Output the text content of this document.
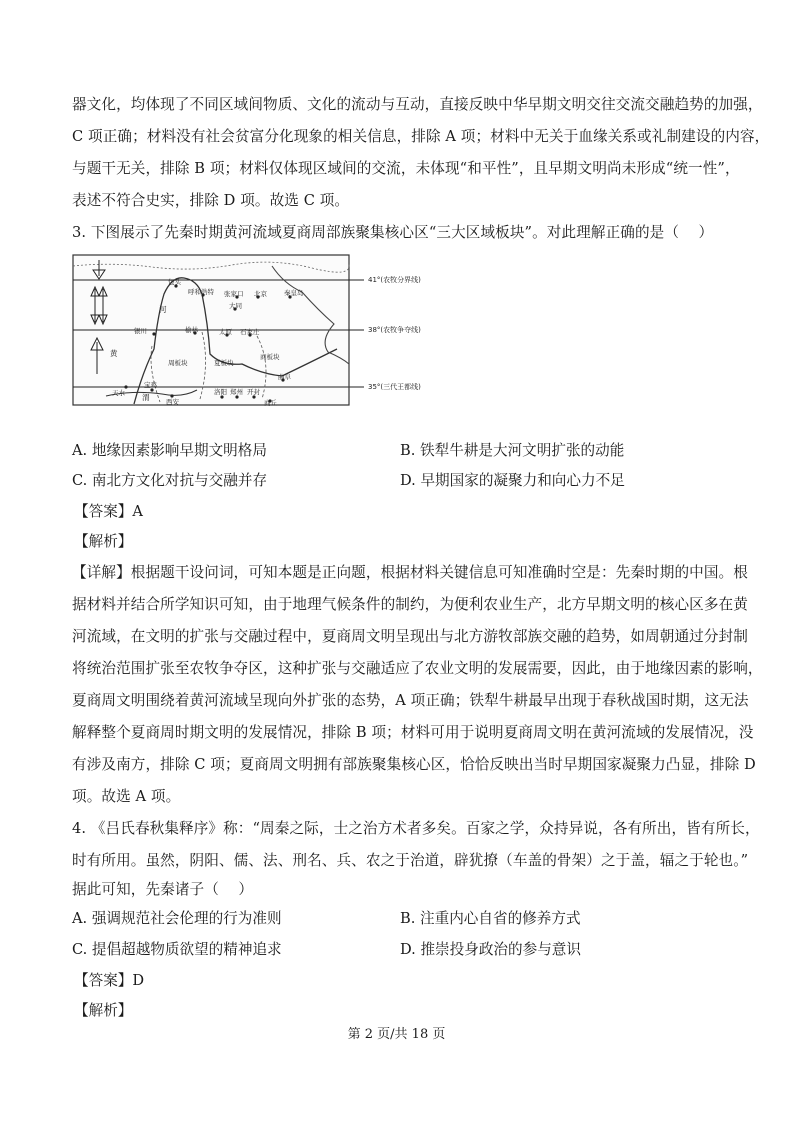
器文化，均体现了不同区域间物质、文化的流动与互动，直接反映中华早期文明交往交流交融趋势的加强，
C 项正确；材料没有社会贫富分化现象的相关信息，排除 A 项；材料中无关于血缘关系或礼制建设的内容，
与题干无关，排除 B 项；材料仅体现区域间的交流，未体现“和平性”，且早期文明尚未形成“统一性”，
表述不符合史实，排除 D 项。故选 C 项。
3. 下图展示了先秦时期黄河流域夏商周部族聚集核心区“三大区域板块”。对此理解正确的是（　 ）
包头
呼和浩特 张家口 北京	秦皇岛
大同
河
银川	榆林	太原 石家庄
黄
周板块	夏板块
商板块
曲阜
天水 渭
宝鸡
西安
洛阳 郑州 开封
商丘
41°(农牧分界线)
38°(农牧争夺线)
35°(三代王都线)
A. 地缘因素影响早期文明格局	B. 铁犁牛耕是大河文明扩张的动能
C. 南北方文化对抗与交融并存	D. 早期国家的凝聚力和向心力不足
【答案】A
【解析】
【详解】根据题干设问词，可知本题是正向题，根据材料关键信息可知准确时空是：先秦时期的中国。根
据材料并结合所学知识可知，由于地理气候条件的制约，为便利农业生产，北方早期文明的核心区多在黄
河流域，在文明的扩张与交融过程中，夏商周文明呈现出与北方游牧部族交融的趋势，如周朝通过分封制
将统治范围扩张至农牧争夺区，这种扩张与交融适应了农业文明的发展需要，因此，由于地缘因素的影响，
夏商周文明围绕着黄河流域呈现向外扩张的态势，A 项正确；铁犁牛耕最早出现于春秋战国时期，这无法
解释整个夏商周时期文明的发展情况，排除 B 项；材料可用于说明夏商周文明在黄河流域的发展情况，没
有涉及南方，排除 C 项；夏商周文明拥有部族聚集核心区，恰恰反映出当时早期国家凝聚力凸显，排除 D
项。故选 A 项。
4. 《吕氏春秋集释序》称：“周秦之际，士之治方术者多矣。百家之学，众持异说，各有所出，皆有所长，
时有所用。虽然，阴阳、儒、法、刑名、兵、农之于治道，辟犹撩（车盖的骨架）之于盖，辐之于轮也。”
据此可知，先秦诸子（　 ）
A. 强调规范社会伦理的行为准则	B. 注重内心自省的修养方式
C. 提倡超越物质欲望的精神追求	D. 推崇投身政治的参与意识
【答案】D
【解析】
第 2 页/共 18 页
